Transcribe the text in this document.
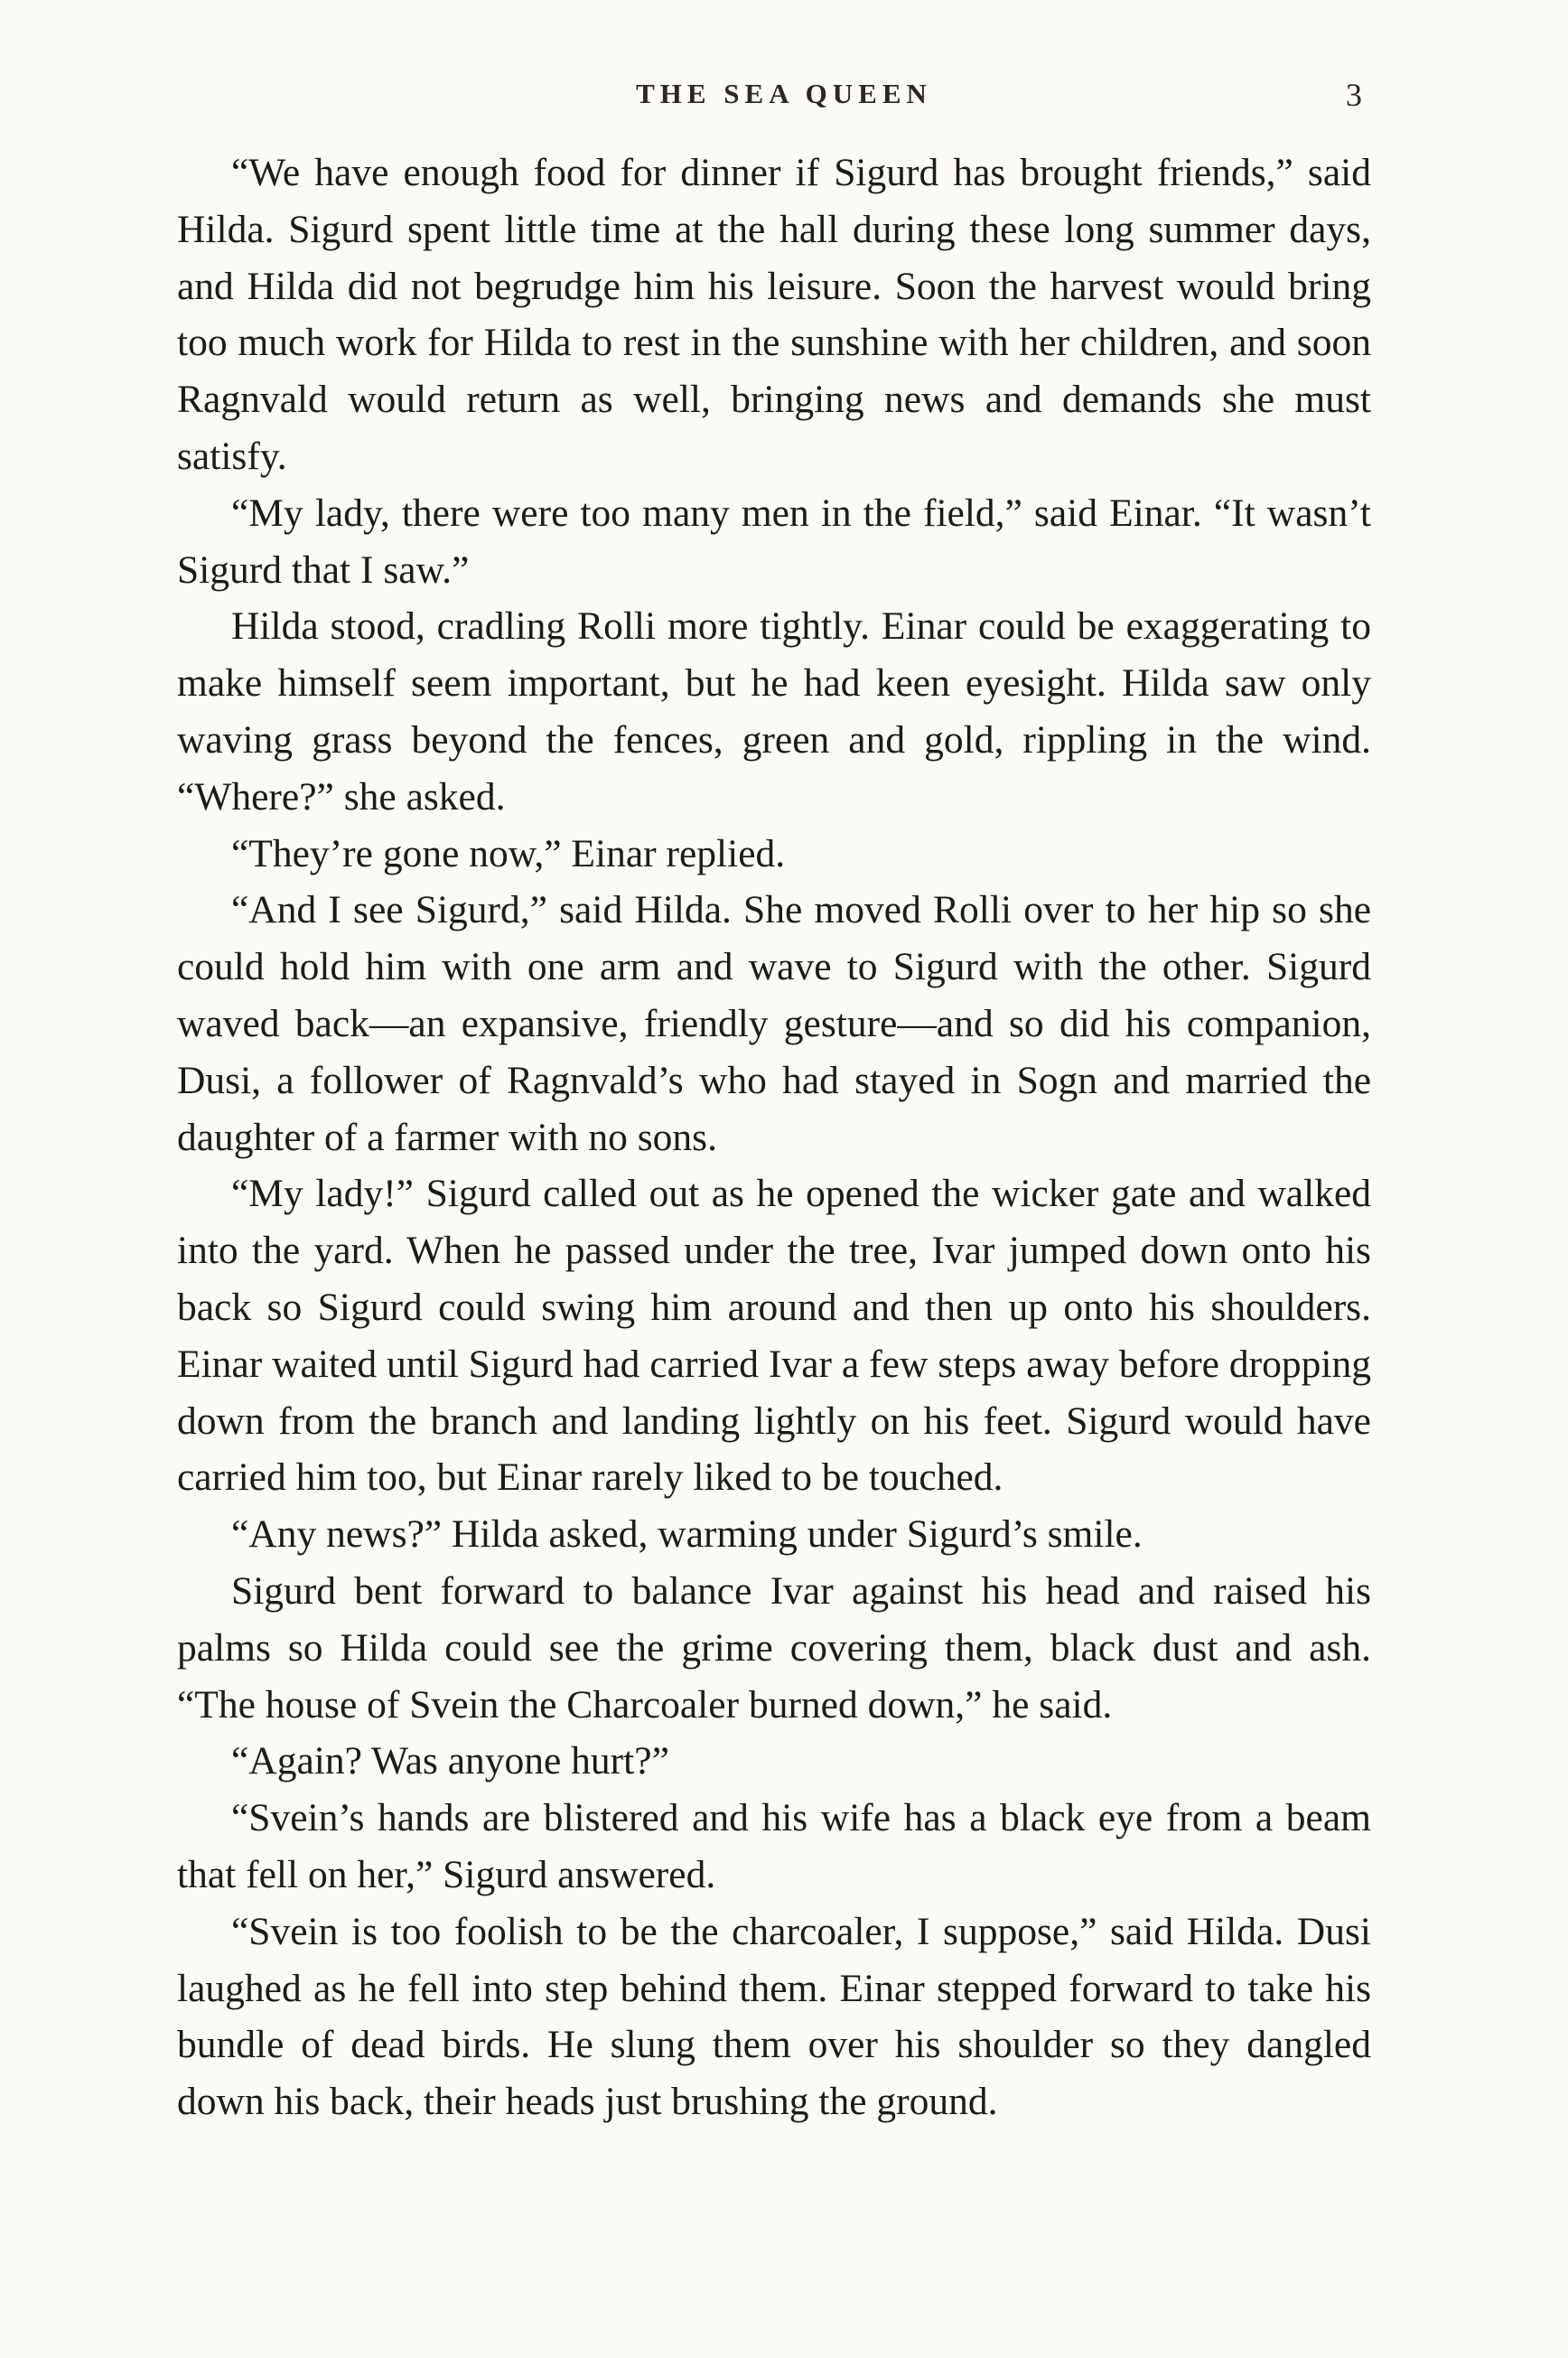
THE SEA QUEEN	3

“We have enough food for dinner if Sigurd has brought friends,” said Hilda. Sigurd spent little time at the hall during these long summer days, and Hilda did not begrudge him his leisure. Soon the harvest would bring too much work for Hilda to rest in the sunshine with her children, and soon Ragnvald would return as well, bringing news and demands she must satisfy.

“My lady, there were too many men in the field,” said Einar. “It wasn’t Sigurd that I saw.”

Hilda stood, cradling Rolli more tightly. Einar could be exaggerating to make himself seem important, but he had keen eyesight. Hilda saw only waving grass beyond the fences, green and gold, rippling in the wind. “Where?” she asked.

“They’re gone now,” Einar replied.

“And I see Sigurd,” said Hilda. She moved Rolli over to her hip so she could hold him with one arm and wave to Sigurd with the other. Sigurd waved back—an expansive, friendly gesture—and so did his companion, Dusi, a follower of Ragnvald’s who had stayed in Sogn and married the daughter of a farmer with no sons.

“My lady!” Sigurd called out as he opened the wicker gate and walked into the yard. When he passed under the tree, Ivar jumped down onto his back so Sigurd could swing him around and then up onto his shoulders. Einar waited until Sigurd had carried Ivar a few steps away before dropping down from the branch and landing lightly on his feet. Sigurd would have carried him too, but Einar rarely liked to be touched.

“Any news?” Hilda asked, warming under Sigurd’s smile.

Sigurd bent forward to balance Ivar against his head and raised his palms so Hilda could see the grime covering them, black dust and ash. “The house of Svein the Charcoaler burned down,” he said.

“Again? Was anyone hurt?”

“Svein’s hands are blistered and his wife has a black eye from a beam that fell on her,” Sigurd answered.

“Svein is too foolish to be the charcoaler, I suppose,” said Hilda. Dusi laughed as he fell into step behind them. Einar stepped forward to take his bundle of dead birds. He slung them over his shoulder so they dangled down his back, their heads just brushing the ground.
